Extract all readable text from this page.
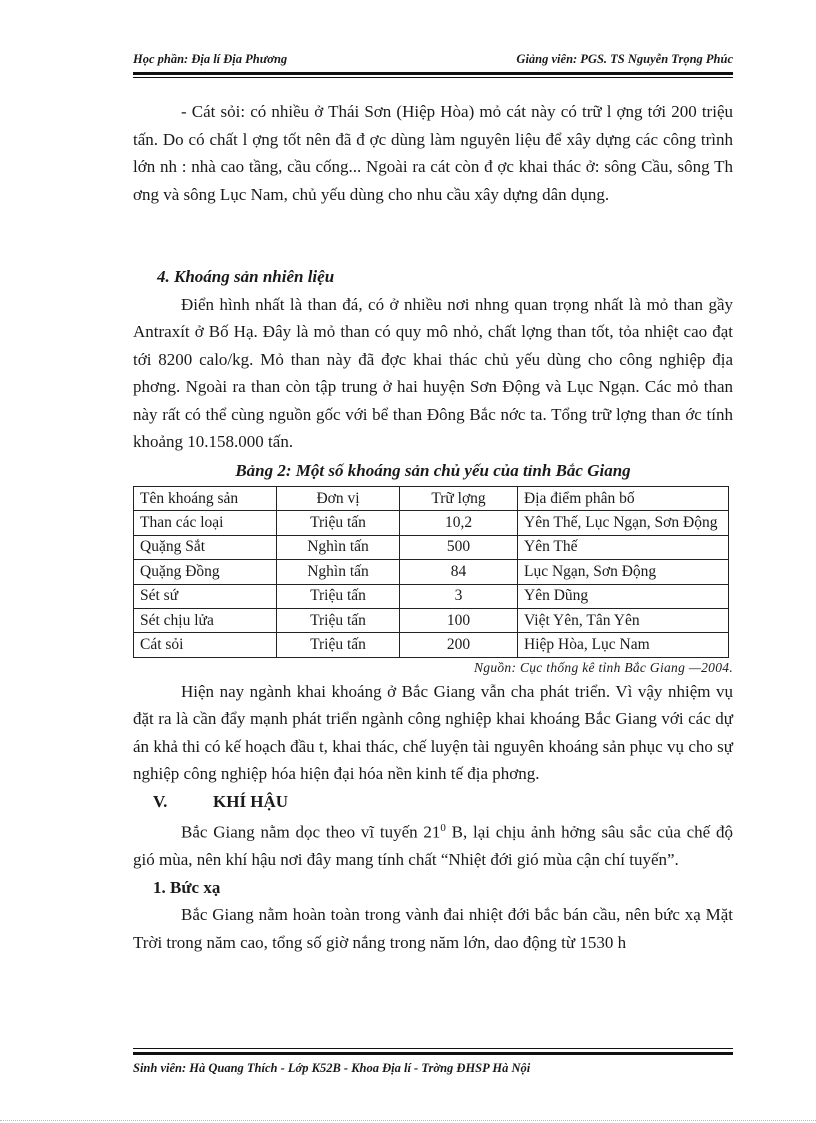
Học phần: Địa lí Địa Phương	Giảng viên: PGS. TS Nguyễn Trọng Phúc

- Cát sỏi: có nhiều ở Thái Sơn (Hiệp Hòa) mỏ cát này có trữ l ợng tới 200 triệu tấn. Do có chất l ợng tốt nên đã đ ợc dùng làm nguyên liệu để xây dựng các công trình lớn nh : nhà cao tầng, cầu cống... Ngoài ra cát còn đ ợc khai thác ở: sông Cầu, sông Th ơng và sông Lục Nam, chủ yếu dùng cho nhu cầu xây dựng dân dụng.

4. Khoáng sản nhiên liệu

Điển hình nhất là than đá, có ở nhiều nơi nhng quan trọng nhất là mỏ than gầy Antraxít ở Bố Hạ. Đây là mỏ than có quy mô nhỏ, chất lợng than tốt, tỏa nhiệt cao đạt tới 8200 calo/kg. Mỏ than này đã đợc khai thác chủ yếu dùng cho công nghiệp địa phơng. Ngoài ra than còn tập trung ở hai huyện Sơn Động và Lục Ngạn. Các mỏ than này rất có thể cùng nguồn gốc với bể than Đông Bắc nớc ta. Tổng trữ lợng than ớc tính khoảng 10.158.000 tấn.

Bảng 2: Một số khoáng sản chủ yếu của tỉnh Bắc Giang

Tên khoáng sản	Đơn vị	Trữ lợng	Địa điểm phân bố
Than các loại	Triệu tấn	10,2	Yên Thế, Lục Ngạn, Sơn Động
Quặng Sắt	Nghìn tấn	500	Yên Thế
Quặng Đồng	Nghìn tấn	84	Lục Ngạn, Sơn Động
Sét sứ	Triệu tấn	3	Yên Dũng
Sét chịu lửa	Triệu tấn	100	Việt Yên, Tân Yên
Cát sỏi	Triệu tấn	200	Hiệp Hòa, Lục Nam

Nguồn: Cục thống kê tỉnh Bắc Giang —2004.

Hiện nay ngành khai khoáng ở Bắc Giang vẫn cha phát triển. Vì vậy nhiệm vụ đặt ra là cần đẩy mạnh phát triển ngành công nghiệp khai khoáng Bắc Giang với các dự án khả thi có kế hoạch đầu t, khai thác, chế luyện tài nguyên khoáng sản phục vụ cho sự nghiệp công nghiệp hóa hiện đại hóa nền kinh tế địa phơng.

V.	KHÍ HẬU

Bắc Giang nằm dọc theo vĩ tuyến $21^0$ B, lại chịu ảnh hởng sâu sắc của chế độ gió mùa, nên khí hậu nơi đây mang tính chất “Nhiệt đới gió mùa cận chí tuyến”.

1. Bức xạ

Bắc Giang nằm hoàn toàn trong vành đai nhiệt đới bắc bán cầu, nên bức xạ Mặt Trời trong năm cao, tổng số giờ nắng trong năm lớn, dao động từ 1530 h

Sinh viên: Hà Quang Thích - Lớp K52B - Khoa Địa lí - Trờng ĐHSP Hà Nội
